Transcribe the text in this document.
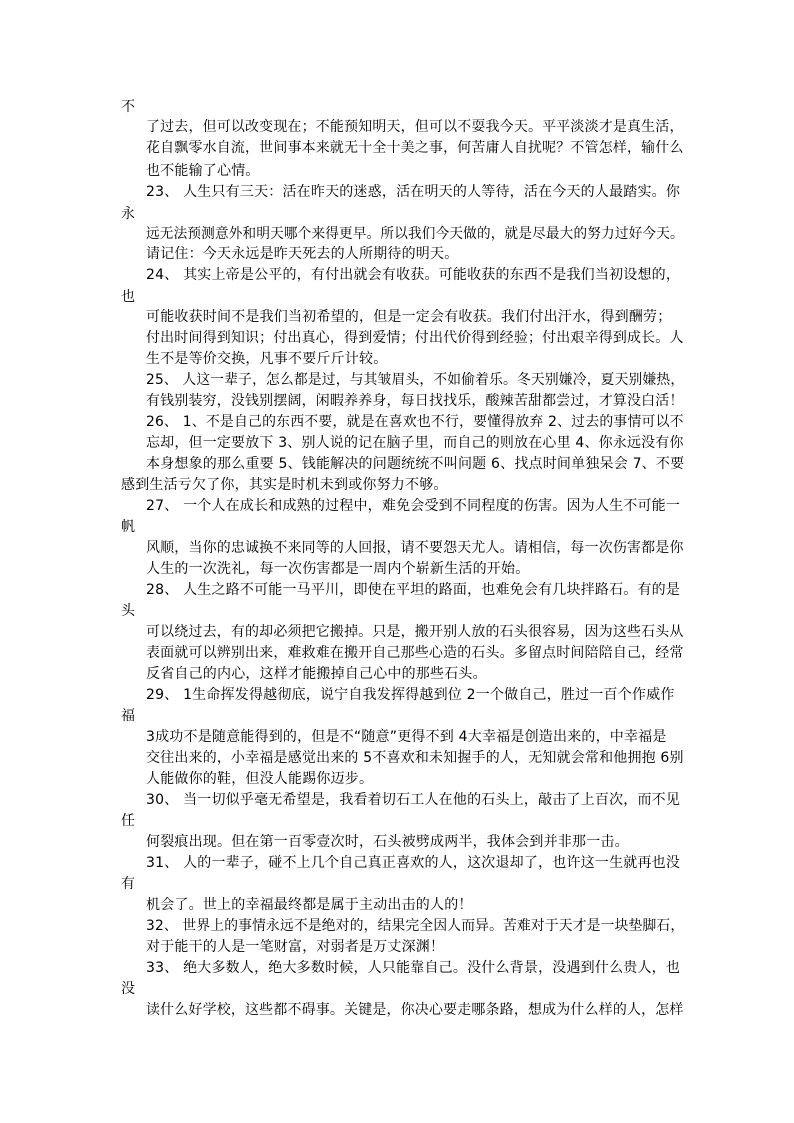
不
了过去，但可以改变现在；不能预知明天，但可以不耍我今天。平平淡淡才是真生活，
花自飘零水自流，世间事本来就无十全十美之事，何苦庸人自扰呢？不管怎样，输什么
也不能输了心情。
23、 人生只有三天：活在昨天的迷惑，活在明天的人等待，活在今天的人最踏实。你
永
远无法预测意外和明天哪个来得更早。所以我们今天做的，就是尽最大的努力过好今天。
请记住：今天永远是昨天死去的人所期待的明天。
24、 其实上帝是公平的，有付出就会有收获。可能收获的东西不是我们当初设想的，
也
可能收获时间不是我们当初希望的，但是一定会有收获。我们付出汗水，得到酬劳；
付出时间得到知识；付出真心，得到爱情；付出代价得到经验；付出艰辛得到成长。人
生不是等价交换，凡事不要斤斤计较。
25、 人这一辈子，怎么都是过，与其皱眉头，不如偷着乐。冬天别嫌冷，夏天别嫌热，
有钱别装穷，没钱别摆阔，闲暇养养身，每日找找乐，酸辣苦甜都尝过，才算没白活！
26、 1、不是自己的东西不要，就是在喜欢也不行，要懂得放弃 2、过去的事情可以不
忘却，但一定要放下 3、别人说的记在脑子里，而自己的则放在心里 4、你永远没有你
本身想象的那么重要 5、钱能解决的问题统统不叫问题 6、找点时间单独呆会 7、不要
感到生活亏欠了你，其实是时机未到或你努力不够。
27、 一个人在成长和成熟的过程中，难免会受到不同程度的伤害。因为人生不可能一
帆
风顺，当你的忠诚换不来同等的人回报，请不要怨天尤人。请相信，每一次伤害都是你
人生的一次洗礼，每一次伤害都是一周内个崭新生活的开始。
28、 人生之路不可能一马平川，即使在平坦的路面，也难免会有几块拌路石。有的是
头
可以绕过去，有的却必须把它搬掉。只是，搬开别人放的石头很容易，因为这些石头从
表面就可以辨别出来，难救难在搬开自己那些心造的石头。多留点时间陪陪自己，经常
反省自己的内心，这样才能搬掉自己心中的那些石头。
29、 1生命挥发得越彻底，说宁自我发挥得越到位 2一个做自己，胜过一百个作威作
福
3成功不是随意能得到的，但是不“随意”更得不到 4大幸福是创造出来的，中幸福是
交往出来的，小幸福是感觉出来的 5不喜欢和未知握手的人，无知就会常和他拥抱 6别
人能做你的鞋，但没人能踢你迈步。
30、 当一切似乎毫无希望是，我看着切石工人在他的石头上，敲击了上百次，而不见
任
何裂痕出现。但在第一百零壹次时，石头被劈成两半，我体会到并非那一击。
31、 人的一辈子，碰不上几个自己真正喜欢的人，这次退却了，也许这一生就再也没
有
机会了。世上的幸福最终都是属于主动出击的人的！
32、 世界上的事情永远不是绝对的，结果完全因人而异。苦难对于天才是一块垫脚石，
对于能干的人是一笔财富，对弱者是万丈深渊！
33、 绝大多数人，绝大多数时候，人只能靠自己。没什么背景，没遇到什么贵人，也
没
读什么好学校，这些都不碍事。关键是，你决心要走哪条路，想成为什么样的人，怎样
